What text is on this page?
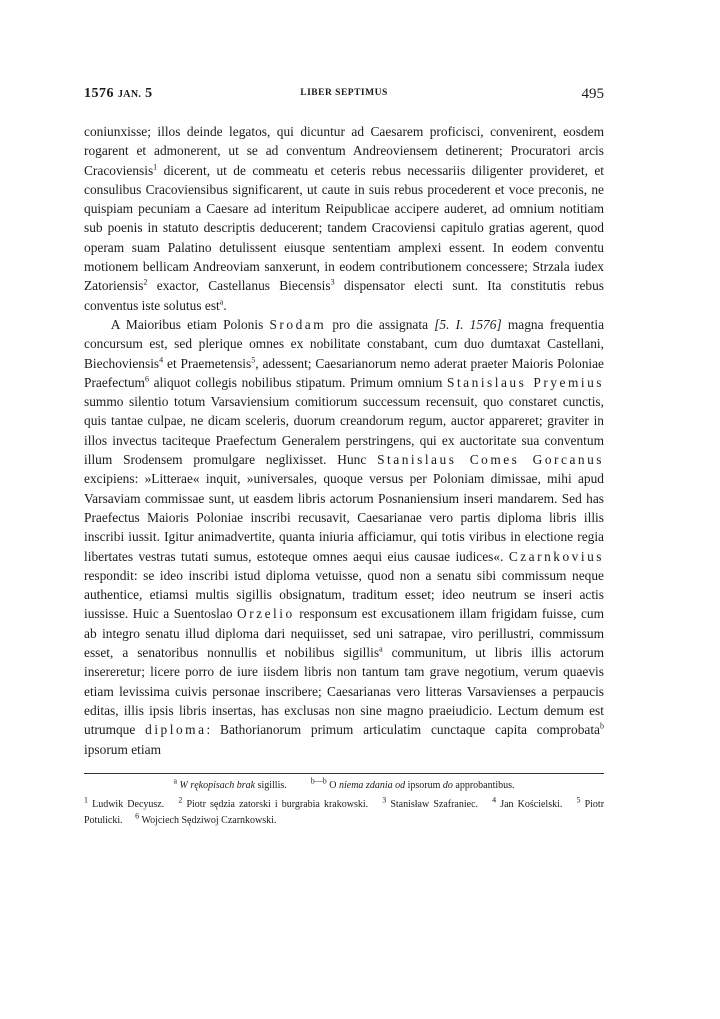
1576 JAN. 5	LIBER SEPTIMUS	495

coniunxisse; illos deinde legatos, qui dicuntur ad Caesarem proficisci, convenirent, eosdem rogarent et admonerent, ut se ad conventum Andreoviensem detinerent; Procuratori arcis Cracoviensis$^1$ dicerent, ut de commeatu et ceteris rebus necessariis diligenter provideret, et consulibus Cracoviensibus significarent, ut caute in suis rebus procederent et voce preconis, ne quispiam pecuniam a Caesare ad interitum Reipublicae accipere auderet, ad omnium notitiam sub poenis in statuto descriptis deducerent; tandem Cracoviensi capitulo gratias agerent, quod operam suam Palatino detulissent eiusque sententiam amplexi essent. In eodem conventu motionem bellicam Andreoviam sanxerunt, in eodem contributionem concessere; Strzala iudex Zatoriensis$^2$ exactor, Castellanus Biecensis$^3$ dispensator electi sunt. Ita constitutis rebus conventus iste solutus est$^a$.

A Maioribus etiam Polonis Srodam pro die assignata [5. I. 1576] magna frequentia concursum est, sed plerique omnes ex nobilitate constabant, cum duo dumtaxat Castellani, Biechoviensis$^4$ et Praemetensis$^5$, adessent; Caesarianorum nemo aderat praeter Maioris Poloniae Praefectum$^6$ aliquot collegis nobilibus stipatum. Primum omnium Stanislaus Pryemius summo silentio totum Varsaviensium comitiorum successum recensuit, quo constaret cunctis, quis tantae culpae, ne dicam sceleris, duorum creandorum regum, auctor appareret; graviter in illos invectus taciteque Praefectum Generalem perstringens, qui ex auctoritate sua conventum illum Srodensem promulgare neglixisset. Hunc Stanislaus Comes Gorcanus excipiens: »Litterae« inquit, »universales, quoque versus per Poloniam dimissae, mihi apud Varsaviam commissae sunt, ut easdem libris actorum Posnaniensium inseri mandarem. Sed has Praefectus Maioris Poloniae inscribi recusavit, Caesarianae vero partis diploma libris illis inscribi iussit. Igitur animadvertite, quanta iniuria afficiamur, qui totis viribus in electione regia libertates vestras tutati sumus, estoteque omnes aequi eius causae iudices«. Czarnkovius respondit: se ideo inscribi istud diploma vetuisse, quod non a senatu sibi commissum neque authentice, etiamsi multis sigillis obsignatum, traditum esset; ideo neutrum se inseri actis iussisse. Huic a Suentoslao Orzelio responsum est excusationem illam frigidam fuisse, cum ab integro senatu illud diploma dari nequiisset, sed uni satrapae, viro perillustri, commissum esset, a senatoribus nonnullis et nobilibus sigillis$^a$ communitum, ut libris illis actorum insereretur; licere porro de iure iisdem libris non tantum tam grave negotium, verum quaevis etiam levissima cuivis personae inscribere; Caesarianas vero litteras Varsavienses a perpaucis editas, illis ipsis libris insertas, has exclusas non sine magno praeiudicio. Lectum demum est utrumque diploma: Bathorianorum primum articulatim cunctaque capita comprobata$^b$ ipsorum etiam

$^a$ W rękopisach brak sigillis.	$^{b—b}$ O niema zdania od ipsorum do approbantibus.
$^1$ Ludwik Decyusz. $^2$ Piotr sędzia zatorski i burgrabia krakowski. $^3$ Stanisław Szafraniec. $^4$ Jan Kościelski. $^5$ Piotr Potulicki. $^6$ Wojciech Sędziwoj Czarnkowski.
